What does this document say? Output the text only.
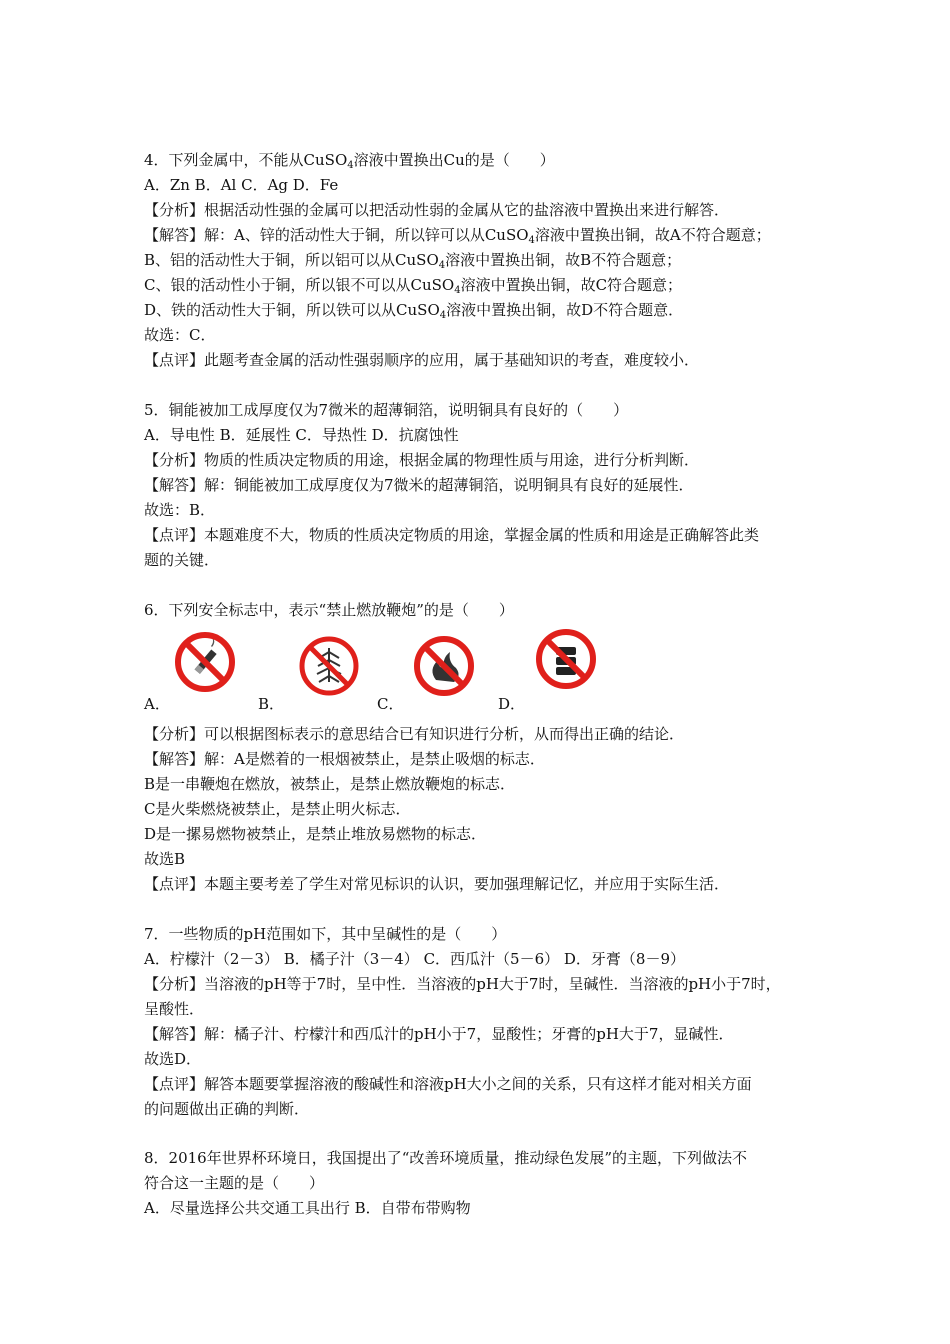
4．下列金属中，不能从CuSO$_4$溶液中置换出Cu的是（　　）
A．Zn B．Al C．Ag D．Fe
【分析】根据活动性强的金属可以把活动性弱的金属从它的盐溶液中置换出来进行解答．
【解答】解：A、锌的活动性大于铜，所以锌可以从CuSO$_4$溶液中置换出铜，故A不符合题意；
B、铝的活动性大于铜，所以铝可以从CuSO$_4$溶液中置换出铜，故B不符合题意；
C、银的活动性小于铜，所以银不可以从CuSO$_4$溶液中置换出铜，故C符合题意；
D、铁的活动性大于铜，所以铁可以从CuSO$_4$溶液中置换出铜，故D不符合题意．
故选：C．
【点评】此题考查金属的活动性强弱顺序的应用，属于基础知识的考查，难度较小．
5．铜能被加工成厚度仅为7微米的超薄铜箔，说明铜具有良好的（　　）
A．导电性 B．延展性 C．导热性 D．抗腐蚀性
【分析】物质的性质决定物质的用途，根据金属的物理性质与用途，进行分析判断．
【解答】解：铜能被加工成厚度仅为7微米的超薄铜箔，说明铜具有良好的延展性．
故选：B．
【点评】本题难度不大，物质的性质决定物质的用途，掌握金属的性质和用途是正确解答此类
题的关键．
6．下列安全标志中，表示“禁止燃放鞭炮”的是（　　）
A．	B．	C．	D．
【分析】可以根据图标表示的意思结合已有知识进行分析，从而得出正确的结论．
【解答】解：A是燃着的一根烟被禁止，是禁止吸烟的标志．
B是一串鞭炮在燃放，被禁止，是禁止燃放鞭炮的标志．
C是火柴燃烧被禁止，是禁止明火标志．
D是一摞易燃物被禁止，是禁止堆放易燃物的标志．
故选B
【点评】本题主要考差了学生对常见标识的认识，要加强理解记忆，并应用于实际生活．
7．一些物质的pH范围如下，其中呈碱性的是（　　）
A．柠檬汁（2－3） B．橘子汁（3－4） C．西瓜汁（5－6） D．牙膏（8－9）
【分析】当溶液的pH等于7时，呈中性．当溶液的pH大于7时，呈碱性．当溶液的pH小于7时，
呈酸性．
【解答】解：橘子汁、柠檬汁和西瓜汁的pH小于7，显酸性；牙膏的pH大于7，显碱性．
故选D．
【点评】解答本题要掌握溶液的酸碱性和溶液pH大小之间的关系，只有这样才能对相关方面
的问题做出正确的判断．
8．2016年世界杯环境日，我国提出了“改善环境质量，推动绿色发展”的主题，下列做法不
符合这一主题的是（　　）
A．尽量选择公共交通工具出行 B．自带布带购物
